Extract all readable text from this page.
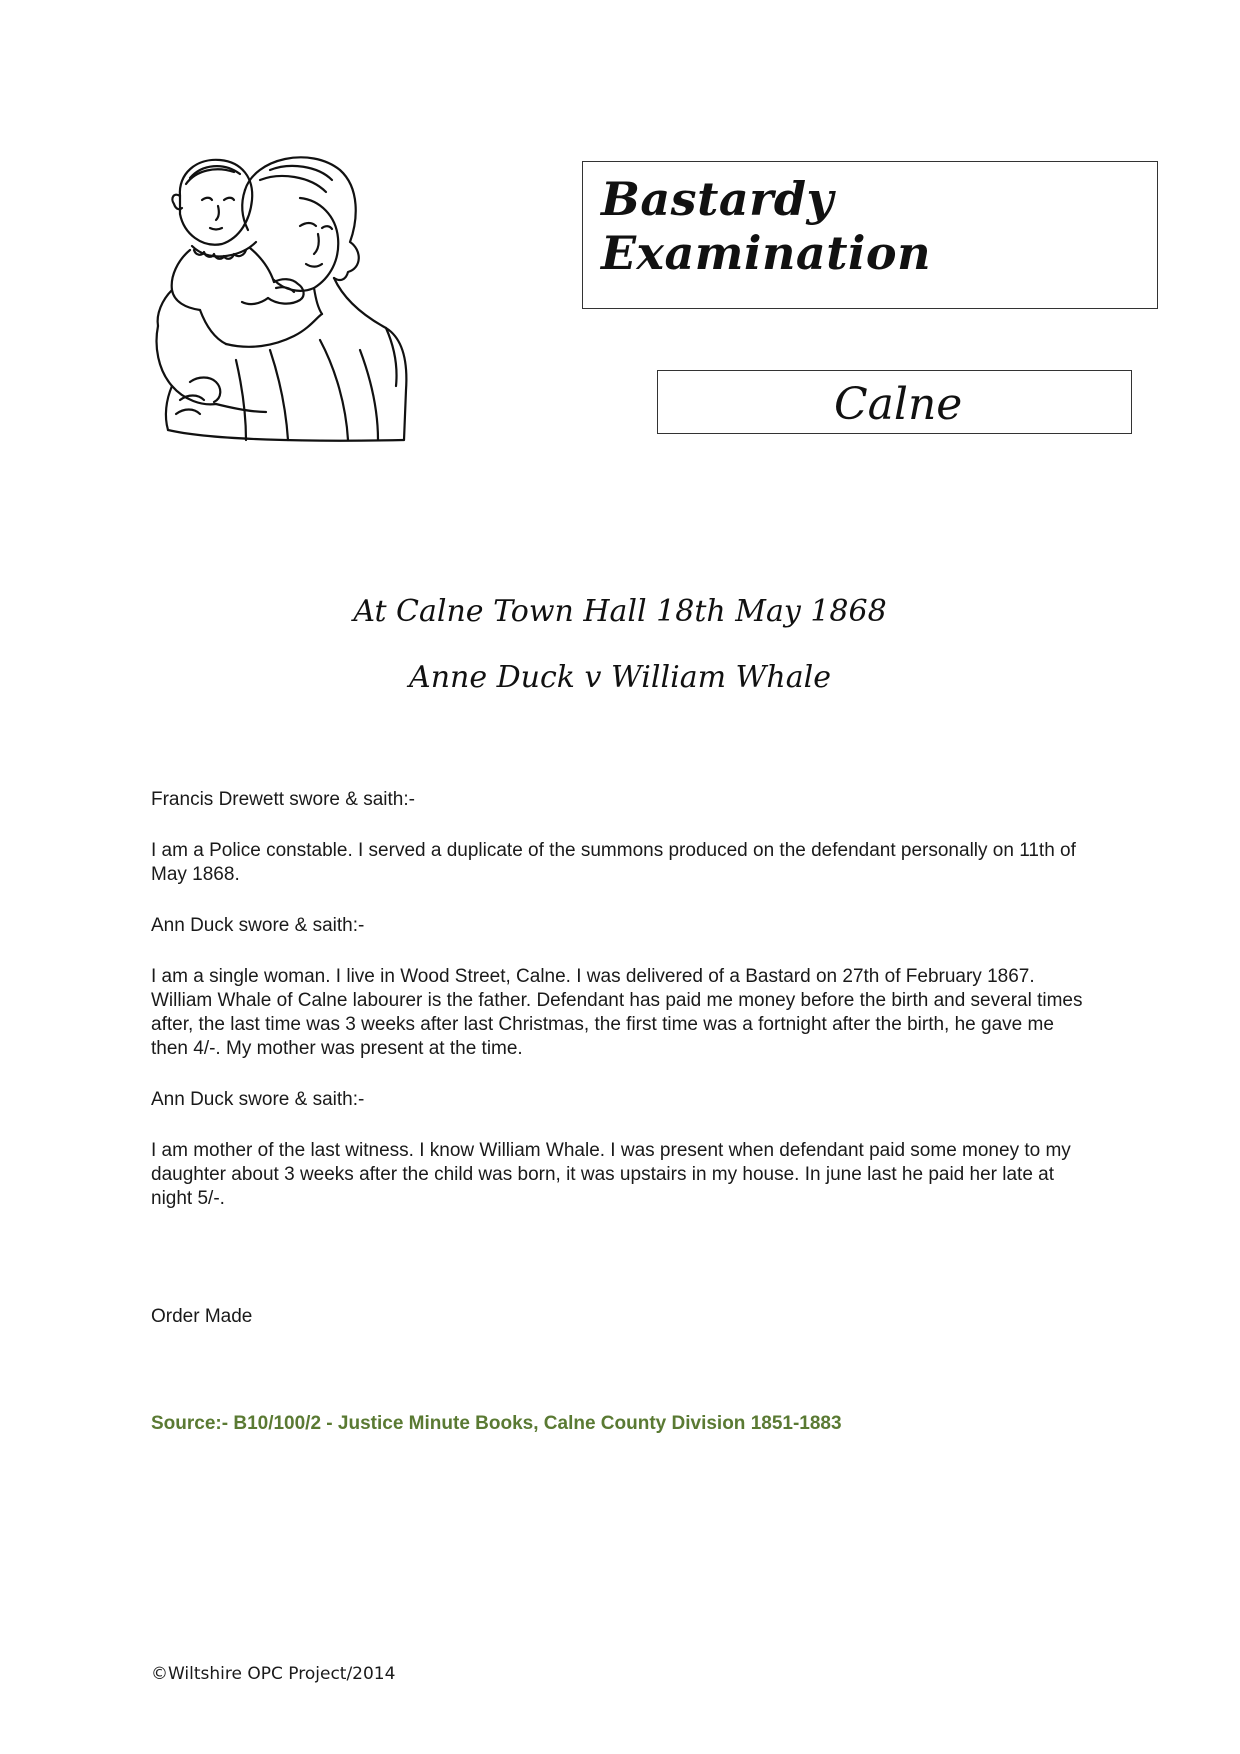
Bastardy Examination
Calne
At Calne Town Hall 18th May 1868
Anne Duck v William Whale

Francis Drewett swore & saith:-

I am a Police constable. I served a duplicate of the summons produced on the defendant personally on 11th of May 1868.

Ann Duck swore & saith:-

I am a single woman. I live in Wood Street, Calne. I was delivered of a Bastard on 27th of February 1867. William Whale of Calne labourer is the father. Defendant has paid me money before the birth and several times after, the last time was 3 weeks after last Christmas, the first time was a fortnight after the birth, he gave me then 4/-. My mother was present at the time.

Ann Duck swore & saith:-

I am mother of the last witness. I know William Whale. I was present when defendant paid some money to my daughter about 3 weeks after the child was born, it was upstairs in my house. In june last he paid her late at night 5/-.

Order Made
Source:- B10/100/2 - Justice Minute Books, Calne County Division 1851-1883
©Wiltshire OPC Project/2014
